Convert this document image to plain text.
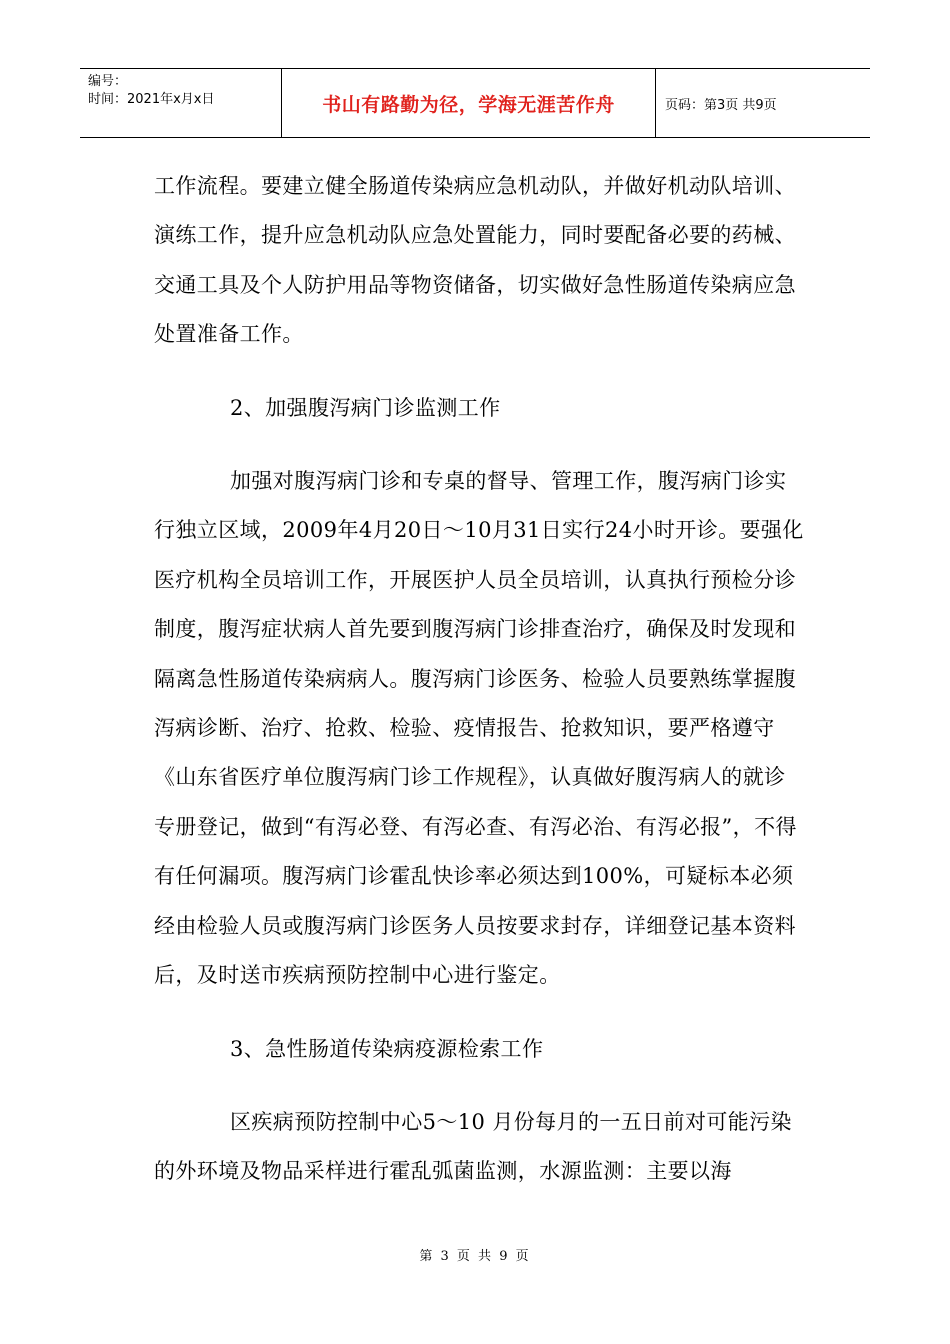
编号：
时间：2021年x月x日	书山有路勤为径，学海无涯苦作舟	页码：第3页 共9页

工作流程。要建立健全肠道传染病应急机动队，并做好机动队培训、演练工作，提升应急机动队应急处置能力，同时要配备必要的药械、交通工具及个人防护用品等物资储备，切实做好急性肠道传染病应急处置准备工作。

2、加强腹泻病门诊监测工作

加强对腹泻病门诊和专桌的督导、管理工作，腹泻病门诊实行独立区域，2009年4月20日～10月31日实行24小时开诊。要强化医疗机构全员培训工作，开展医护人员全员培训，认真执行预检分诊制度，腹泻症状病人首先要到腹泻病门诊排查治疗，确保及时发现和隔离急性肠道传染病病人。腹泻病门诊医务、检验人员要熟练掌握腹泻病诊断、治疗、抢救、检验、疫情报告、抢救知识，要严格遵守《山东省医疗单位腹泻病门诊工作规程》，认真做好腹泻病人的就诊专册登记，做到“有泻必登、有泻必查、有泻必治、有泻必报”，不得有任何漏项。腹泻病门诊霍乱快诊率必须达到100%，可疑标本必须经由检验人员或腹泻病门诊医务人员按要求封存，详细登记基本资料后，及时送市疾病预防控制中心进行鉴定。

3、急性肠道传染病疫源检索工作

区疾病预防控制中心5～10 月份每月的一五日前对可能污染的外环境及物品采样进行霍乱弧菌监测，水源监测：主要以海

第 3 页 共 9 页
